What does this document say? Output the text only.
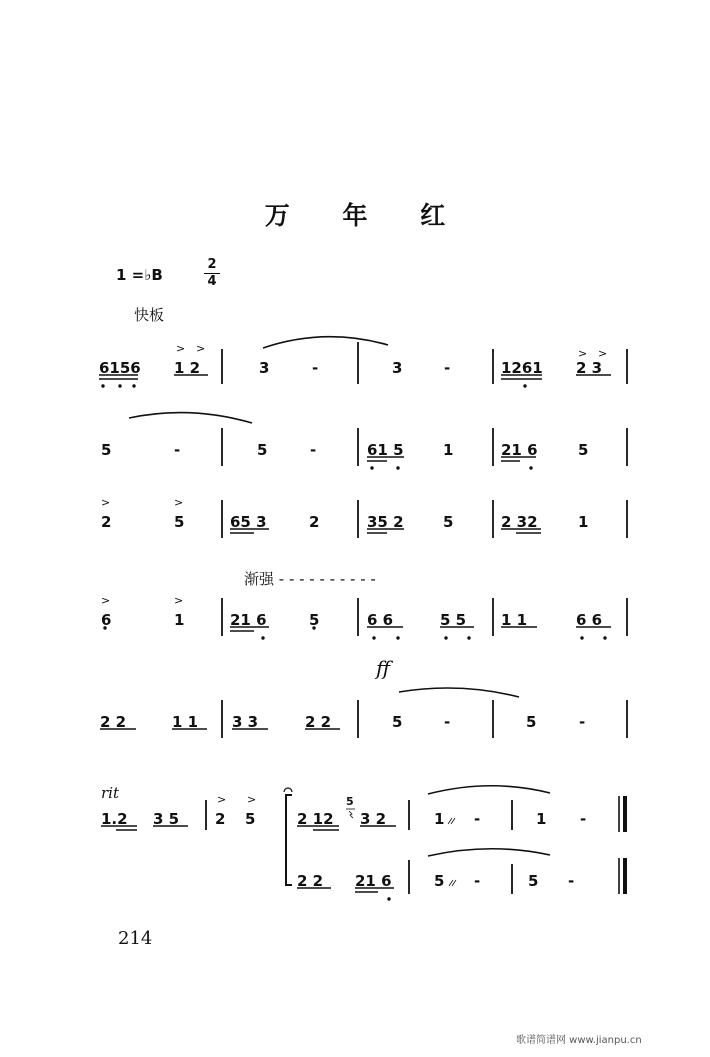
万 年 红
1 =♭B
2
4
快板
渐强 - - - - - - - - - -
ff
rit
214
歌谱简谱网 www.jianpu.cn
6156 1 2	3	-	3	-	1261 2 3
> >	> >
5	-	5	-	61 5	1	21 6	5
2	5	65 3	2	35 2	5	2 32	1
>	>
6	1	21 6	5	6 6	5 5 1 1	6 6
>	>
2 2	1 1 3 3	2 2	5	-	5	-
1.2 3 5 2 5
> >
2 12
5
3 2	1 -	1 -
2 2 21 6	5 -	5 -
